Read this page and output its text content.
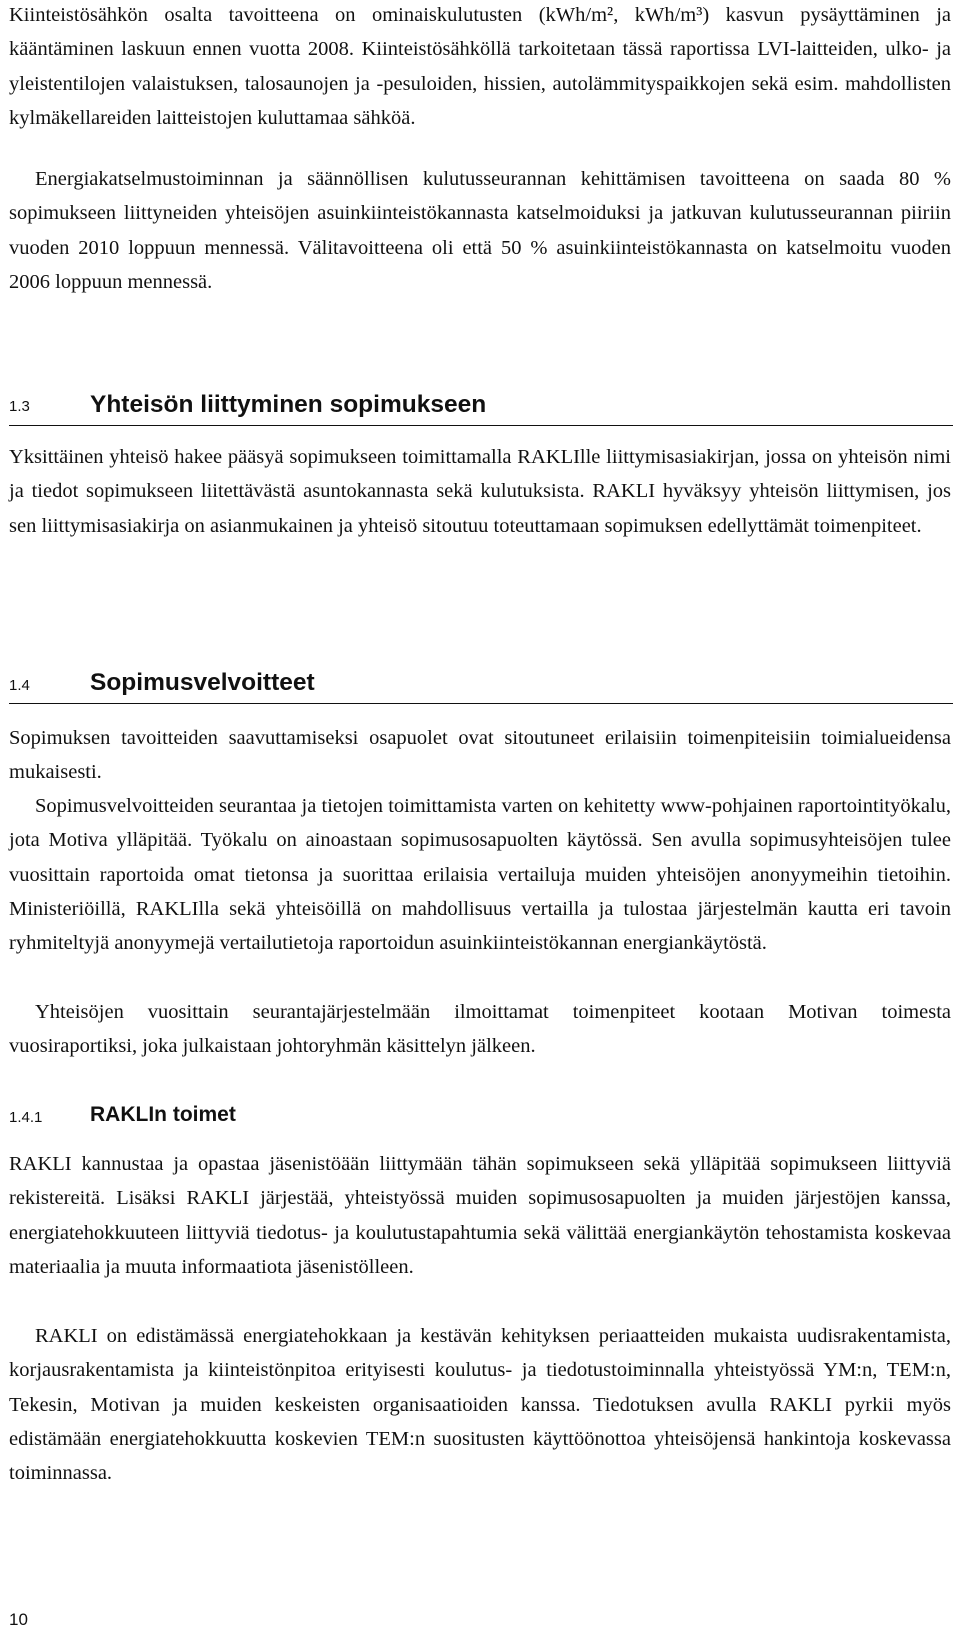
Kiinteistösähkön osalta tavoitteena on ominaiskulutusten (kWh/m², kWh/m³) kasvun pysäyttäminen ja kääntäminen laskuun ennen vuotta 2008. Kiinteistösähköllä tarkoitetaan tässä raportissa LVI-laitteiden, ulko- ja yleistentilojen valaistuksen, talosaunojen ja -pesuloiden, hissien, autolämmityspaikkojen sekä esim. mahdollisten kylmäkellareiden laitteistojen kuluttamaa sähköä.

Energiakatselmustoiminnan ja säännöllisen kulutusseurannan kehittämisen tavoitteena on saada 80 % sopimukseen liittyneiden yhteisöjen asuinkiinteistökannasta katselmoiduksi ja jatkuvan kulutusseurannan piiriin vuoden 2010 loppuun mennessä. Välitavoitteena oli että 50 % asuinkiinteistökannasta on katselmoitu vuoden 2006 loppuun mennessä.

1.3 Yhteisön liittyminen sopimukseen

Yksittäinen yhteisö hakee pääsyä sopimukseen toimittamalla RAKLIlle liittymisasiakirjan, jossa on yhteisön nimi ja tiedot sopimukseen liitettävästä asuntokannasta sekä kulutuksista. RAKLI hyväksyy yhteisön liittymisen, jos sen liittymisasiakirja on asianmukainen ja yhteisö sitoutuu toteuttamaan sopimuksen edellyttämät toimenpiteet.

1.4 Sopimusvelvoitteet

Sopimuksen tavoitteiden saavuttamiseksi osapuolet ovat sitoutuneet erilaisiin toimenpiteisiin toimialueidensa mukaisesti.

Sopimusvelvoitteiden seurantaa ja tietojen toimittamista varten on kehitetty www-pohjainen raportointityökalu, jota Motiva ylläpitää. Työkalu on ainoastaan sopimusosapuolten käytössä. Sen avulla sopimusyhteisöjen tulee vuosittain raportoida omat tietonsa ja suorittaa erilaisia vertailuja muiden yhteisöjen anonyymeihin tietoihin. Ministeriöillä, RAKLIlla sekä yhteisöillä on mahdollisuus vertailla ja tulostaa järjestelmän kautta eri tavoin ryhmiteltyjä anonyymejä vertailutietoja raportoidun asuinkiinteistökannan energiankäytöstä.

Yhteisöjen vuosittain seurantajärjestelmään ilmoittamat toimenpiteet kootaan Motivan toimesta vuosiraportiksi, joka julkaistaan johtoryhmän käsittelyn jälkeen.

1.4.1 RAKLIn toimet

RAKLI kannustaa ja opastaa jäsenistöään liittymään tähän sopimukseen sekä ylläpitää sopimukseen liittyviä rekistereitä. Lisäksi RAKLI järjestää, yhteistyössä muiden sopimusosapuolten ja muiden järjestöjen kanssa, energiatehokkuuteen liittyviä tiedotus- ja koulutustapahtumia sekä välittää energiankäytön tehostamista koskevaa materiaalia ja muuta informaatiota jäsenistölleen.

RAKLI on edistämässä energiatehokkaan ja kestävän kehityksen periaatteiden mukaista uudisrakentamista, korjausrakentamista ja kiinteistönpitoa erityisesti koulutus- ja tiedotustoiminnalla yhteistyössä YM:n, TEM:n, Tekesin, Motivan ja muiden keskeisten organisaatioiden kanssa. Tiedotuksen avulla RAKLI pyrkii myös edistämään energiatehokkuutta koskevien TEM:n suositusten käyttöönottoa yhteisöjensä hankintoja koskevassa toiminnassa.

10
